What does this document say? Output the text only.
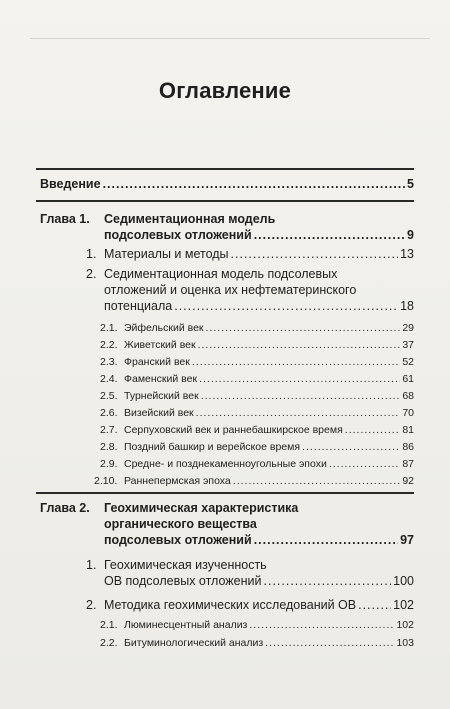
Оглавление
Введение .....	5
Глава 1. Седиментационная модель
подсолевых отложений .....	9
1. Материалы и методы .....	13
2. Седиментационная модель подсолевых
отложений и оценка их нефтематеринского
потенциала .....	18
2.1. Эйфельский век .....	29
2.2. Живетский век .....	37
2.3. Франский век .....	52
2.4. Фаменский век .....	61
2.5. Турнейский век .....	68
2.6. Визейский век .....	70
2.7. Серпуховский век и раннебашкирское время .....	81
2.8. Поздний башкир и верейское время .....	86
2.9. Средне- и позднекаменноугольные эпохи .....	87
2.10. Раннепермская эпоха .....	92
Глава 2. Геохимическая характеристика
органического вещества
подсолевых отложений .....	97
1. Геохимическая изученность
ОВ подсолевых отложений .....	100
2. Методика геохимических исследований ОВ .....	102
2.1. Люминесцентный анализ .....	102
2.2. Битуминологический анализ .....	103
